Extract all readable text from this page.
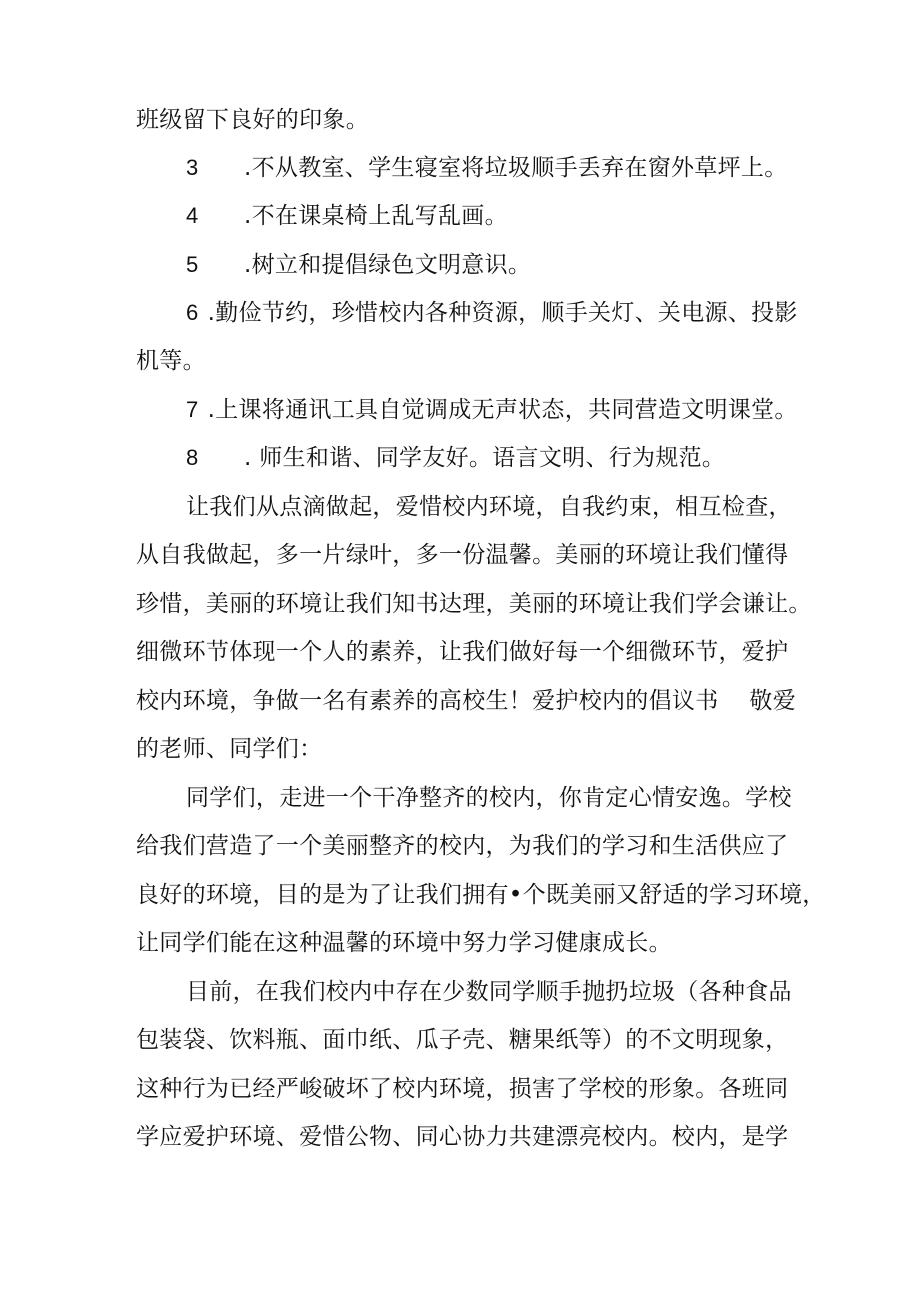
班级留下良好的印象。
3 .不从教室、学生寝室将垃圾顺手丢弃在窗外草坪上。
4 .不在课桌椅上乱写乱画。
5 .树立和提倡绿色文明意识。
6 .勤俭节约，珍惜校内各种资源，顺手关灯、关电源、投影
机等。
7 .上课将通讯工具自觉调成无声状态，共同营造文明课堂。
8 . 师生和谐、同学友好。语言文明、行为规范。
让我们从点滴做起，爱惜校内环境，自我约束，相互检查，
从自我做起，多一片绿叶，多一份温馨。美丽的环境让我们懂得
珍惜，美丽的环境让我们知书达理，美丽的环境让我们学会谦让。
细微环节体现一个人的素养，让我们做好每一个细微环节，爱护
校内环境，争做一名有素养的高校生！爱护校内的倡议书　 敬爱
的老师、同学们：
同学们，走进一个干净整齐的校内，你肯定心情安逸。学校
给我们营造了一个美丽整齐的校内，为我们的学习和生活供应了
良好的环境，目的是为了让我们拥有•个既美丽又舒适的学习环境，
让同学们能在这种温馨的环境中努力学习健康成长。
目前，在我们校内中存在少数同学顺手抛扔垃圾（各种食品
包装袋、饮料瓶、面巾纸、瓜子壳、糖果纸等）的不文明现象，
这种行为已经严峻破坏了校内环境，损害了学校的形象。各班同
学应爱护环境、爱惜公物、同心协力共建漂亮校内。校内，是学
